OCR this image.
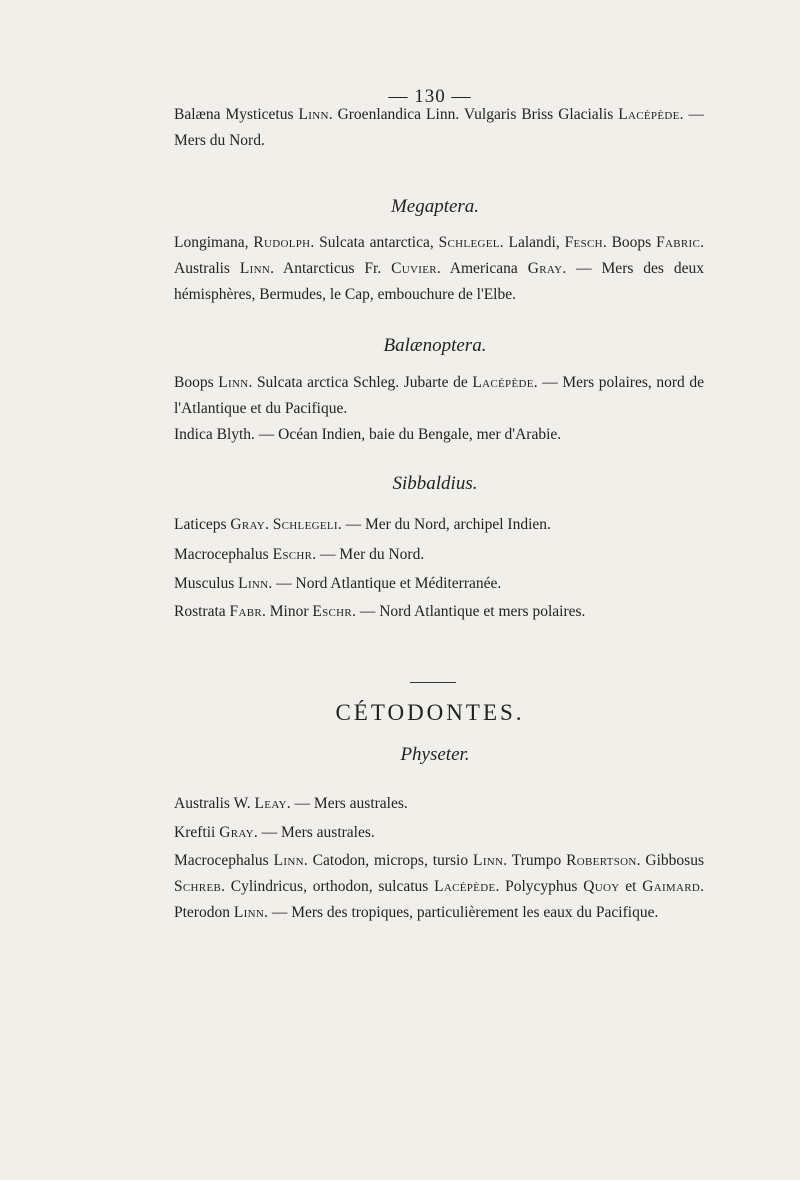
— 130 —

Balæna Mysticetus Linn. Groenlandica Linn. Vulgaris Briss Glacialis Lacépède. — Mers du Nord.

Megaptera.

Longimana, Rudolph. Sulcata antarctica, Schlegel. Lalandi, Fesch. Boops Fabric. Australis Linn. Antarcticus Fr. Cuvier. Americana Gray. — Mers des deux hémisphères, Bermudes, le Cap, embouchure de l'Elbe.

Balænoptera.

Boops Linn. Sulcata arctica Schleg. Jubarte de Lacépède. — Mers polaires, nord de l'Atlantique et du Pacifique.

Indica Blyth. — Océan Indien, baie du Bengale, mer d'Arabie.

Sibbaldius.

Laticeps Gray. Schlegeli. — Mer du Nord, archipel Indien.

Macrocephalus Eschr. — Mer du Nord.

Musculus Linn. — Nord Atlantique et Méditerranée.

Rostrata Fabr. Minor Eschr. — Nord Atlantique et mers polaires.

CÉTODONTES.
Physeter.

Australis W. Leay. — Mers australes.

Kreftii Gray. — Mers australes.

Macrocephalus Linn. Catodon, microps, tursio Linn. Trumpo Robertson. Gibbosus Schreb. Cylindricus, orthodon, sulcatus Lacépède. Polycyphus Quoy et Gaimard. Pterodon Linn. — Mers des tropiques, particulièrement les eaux du Pacifique.
